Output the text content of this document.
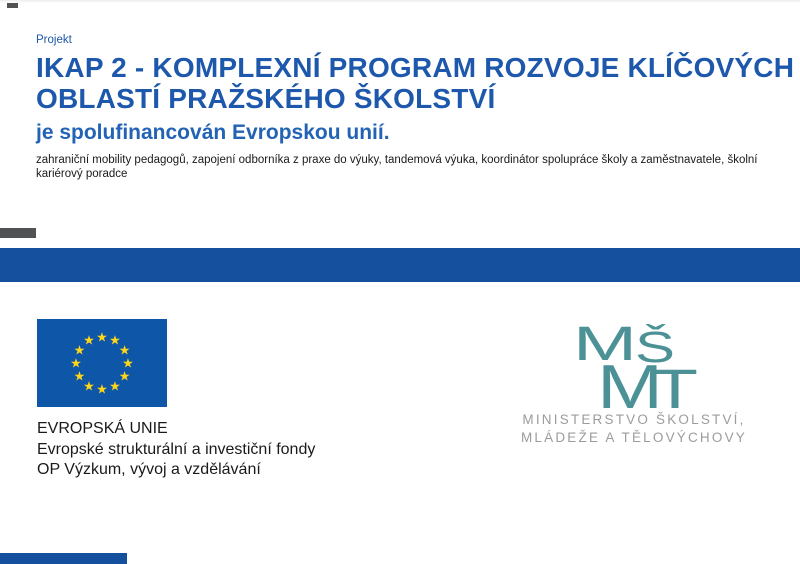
Projekt
IKAP 2 - KOMPLEXNÍ PROGRAM ROZVOJE KLÍČOVÝCH OBLASTÍ PRAŽSKÉHO ŠKOLSTVÍ
je spolufinancován Evropskou unií.
zahraniční mobility pedagogů, zapojení odborníka z praxe do výuky, tandemová výuka, koordinátor spolupráce školy a zaměstnavatele, školní kariérový poradce
★ ★
★
★
★
★
★
★
★
★
★
★
EVROPSKÁ UNIE
Evropské strukturální a investiční fondy
OP Výzkum, vývoj a vzdělávání
M
Š
M
T
MINISTERSTVO ŠKOLSTVÍ,
MLÁDEŽE A TĚLOVÝCHOVY
